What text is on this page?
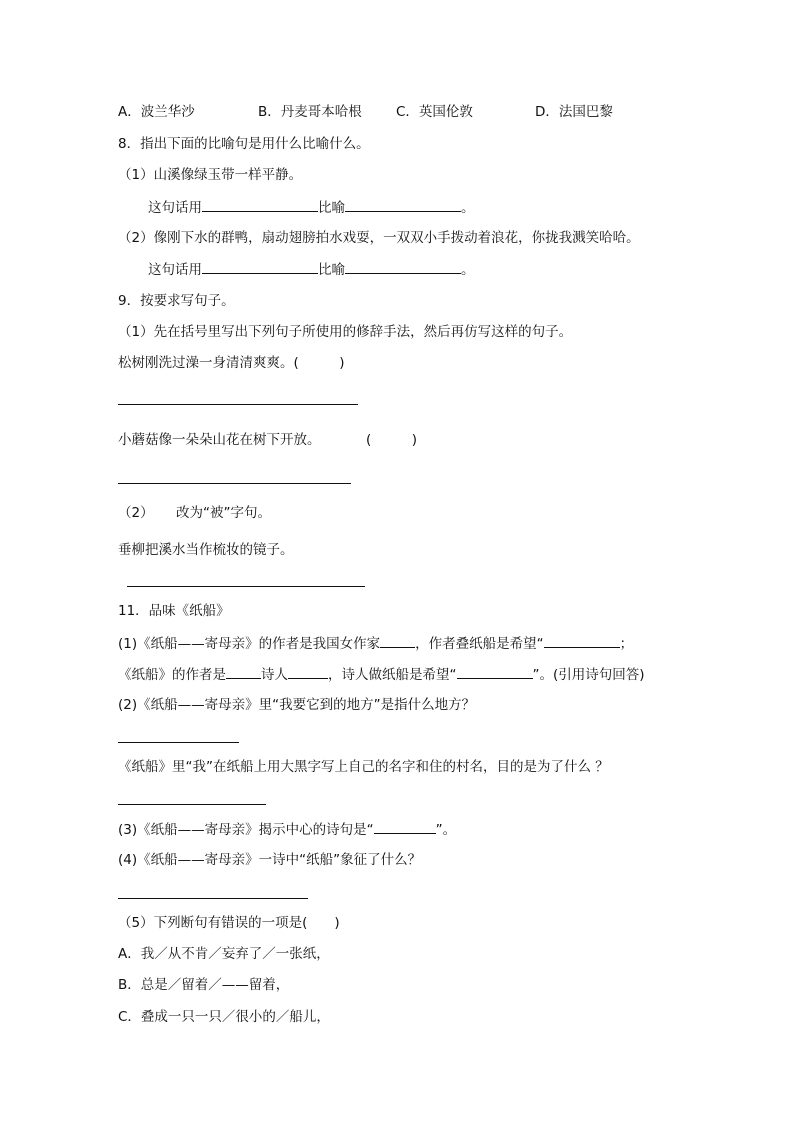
A．波兰华沙	B．丹麦哥本哈根	C．英国伦敦	D．法国巴黎
8．指出下面的比喻句是用什么比喻什么。
（1）山溪像绿玉带一样平静。
这句话用	比喻	。
（2）像刚下水的群鸭，扇动翅膀拍水戏耍，一双双小手拨动着浪花，你拢我溅笑哈哈。
这句话用	比喻	。
9．按要求写句子。
（1）先在括号里写出下列句子所使用的修辞手法，然后再仿写这样的句子。
松树刚洗过澡一身清清爽爽。(　　　)
小蘑菇像一朵朵山花在树下开放。	(　　　)
（2） 改为“被”字句。
垂柳把溪水当作梳妆的镜子。
11．品味《纸船》
(1)《纸船——寄母亲》的作者是我国女作家	，作者叠纸船是希望“	；
《纸船》的作者是	诗人	，诗人做纸船是希望“	”。(引用诗句回答)
(2)《纸船——寄母亲》里“我要它到的地方”是指什么地方？
《纸船》里“我”在纸船上用大黑字写上自己的名字和住的村名，目的是为了什么 ？
(3)《纸船——寄母亲》揭示中心的诗句是“	”。
(4)《纸船——寄母亲》一诗中“纸船”象征了什么？
（5）下列断句有错误的一项是(　　)
A．我／从不肯／妄弃了／一张纸，
B．总是／留着／——留着，
C．叠成一只一只／很小的／船儿，
